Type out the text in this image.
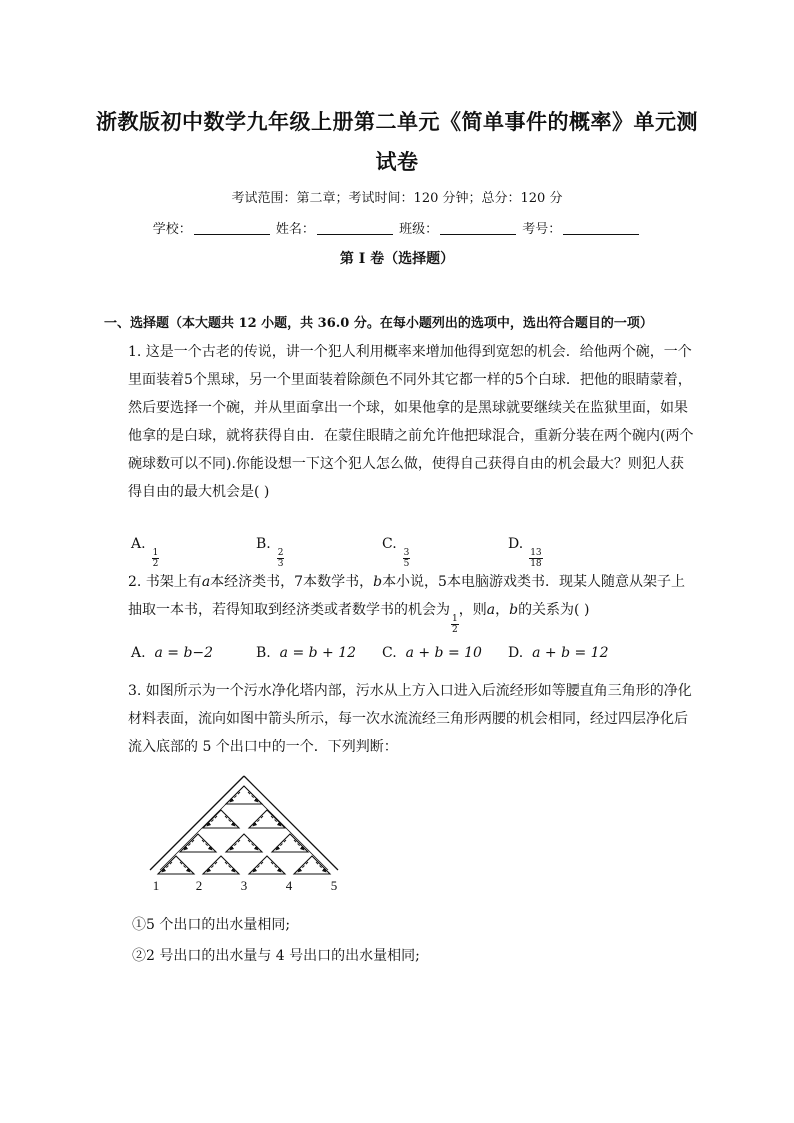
浙教版初中数学九年级上册第二单元《简单事件的概率》单元测
试卷
考试范围：第二章；考试时间：120 分钟；总分：120 分
学校：	姓名：	班级：	考号：
第 I 卷（选择题）
一、选择题（本大题共 12 小题，共 36.0 分。在每小题列出的选项中，选出符合题目的一项）
1. 这是一个古老的传说，讲一个犯人利用概率来增加他得到宽恕的机会．给他两个碗，一个
里面装着5个黑球，另一个里面装着除颜色不同外其它都一样的5个白球．把他的眼睛蒙着，
然后要选择一个碗，并从里面拿出一个球，如果他拿的是黑球就要继续关在监狱里面，如果
他拿的是白球，就将获得自由．在蒙住眼睛之前允许他把球混合，重新分装在两个碗内(两个
碗球数可以不同).你能设想一下这个犯人怎么做，使得自己获得自由的机会最大？则犯人获
得自由的最大机会是( )
A.
$\frac{1}{2}$
B.
$\frac{2}{3}$
C.
$\frac{3}{5}$
D.
$\frac{13}{18}$
2. 书架上有a本经济类书，7本数学书，b本小说，5本电脑游戏类书．现某人随意从架子上
抽取一本书，若得知取到经济类或者数学书的机会为
$\frac{1}{2}$
，则a，b的关系为( )
A. a = b−2	B. a = b + 12 C. a + b = 10 D. a + b = 12
3. 如图所示为一个污水净化塔内部，污水从上方入口进入后流经形如等腰直角三角形的净化
材料表面，流向如图中箭头所示，每一次水流流经三角形两腰的机会相同，经过四层净化后
流入底部的 5 个出口中的一个．下列判断：
1	2	3	4	5
①5 个出口的出水量相同;
②2 号出口的出水量与 4 号出口的出水量相同;
